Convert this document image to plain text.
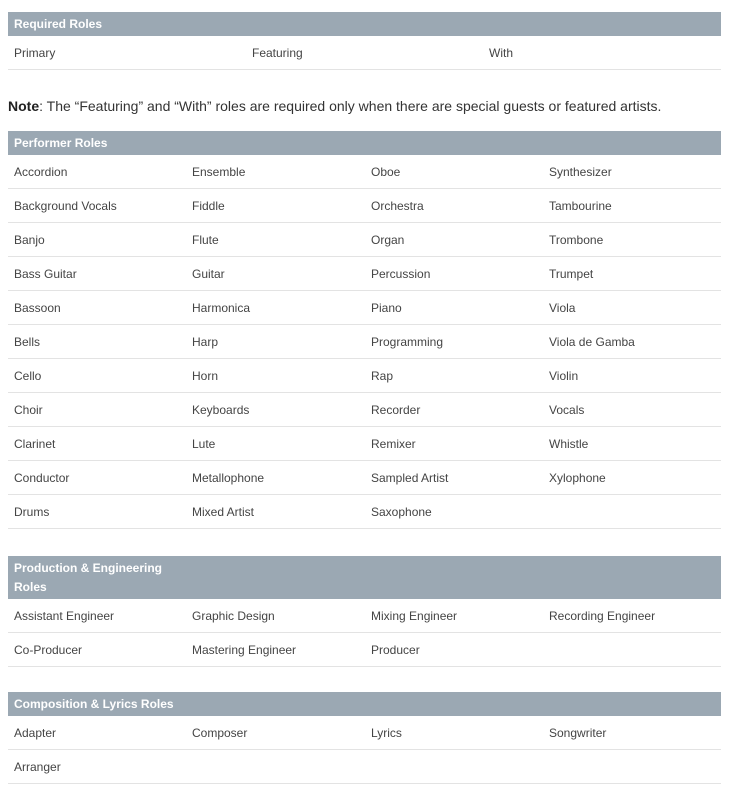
Required Roles
Primary	Featuring	With
Note: The “Featuring” and “With” roles are required only when there are special guests or featured artists.
Performer Roles			
Accordion	Ensemble	Oboe	Synthesizer
Background Vocals	Fiddle	Orchestra	Tambourine
Banjo	Flute	Organ	Trombone
Bass Guitar	Guitar	Percussion	Trumpet
Bassoon	Harmonica	Piano	Viola
Bells	Harp	Programming	Viola de Gamba
Cello	Horn	Rap	Violin
Choir	Keyboards	Recorder	Vocals
Clarinet	Lute	Remixer	Whistle
Conductor	Metallophone	Sampled Artist	Xylophone
Drums	Mixed Artist	Saxophone	
Production & Engineering
Roles			
Assistant Engineer	Graphic Design	Mixing Engineer	Recording Engineer
Co-Producer	Mastering Engineer	Producer	
Composition & Lyrics Roles			
Adapter	Composer	Lyrics	Songwriter
Arranger			
